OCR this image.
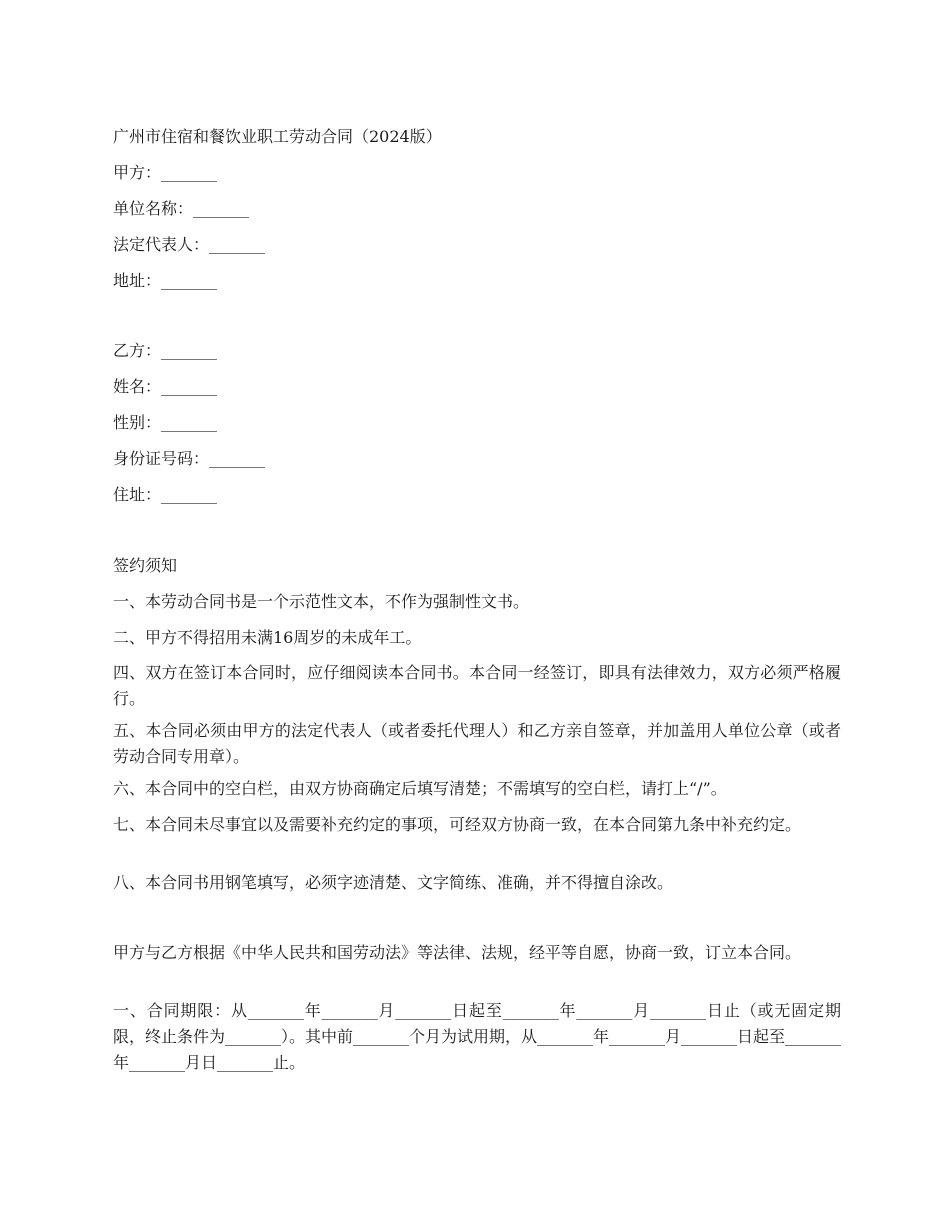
广州市住宿和餐饮业职工劳动合同（2024版）
甲方：_______
单位名称：_______
法定代表人：_______
地址：_______
乙方：_______
姓名：_______
性别：_______
身份证号码：_______
住址：_______
签约须知
一、本劳动合同书是一个示范性文本，不作为强制性文书。
二、甲方不得招用未满16周岁的未成年工。
四、双方在签订本合同时，应仔细阅读本合同书。本合同一经签订，即具有法律效力，双方必须严格履行。
五、本合同必须由甲方的法定代表人（或者委托代理人）和乙方亲自签章，并加盖用人单位公章（或者劳动合同专用章）。
六、本合同中的空白栏，由双方协商确定后填写清楚；不需填写的空白栏，请打上“/”。
七、本合同未尽事宜以及需要补充约定的事项，可经双方协商一致，在本合同第九条中补充约定。
八、本合同书用钢笔填写，必须字迹清楚、文字简练、准确，并不得擅自涂改。
甲方与乙方根据《中华人民共和国劳动法》等法律、法规，经平等自愿，协商一致，订立本合同。
一、合同期限：从_______年_______月_______日起至_______年_______月_______日止（或无固定期限，终止条件为_______）。其中前_______个月为试用期，从_______年_______月_______日起至_______年_______月日_______止。
